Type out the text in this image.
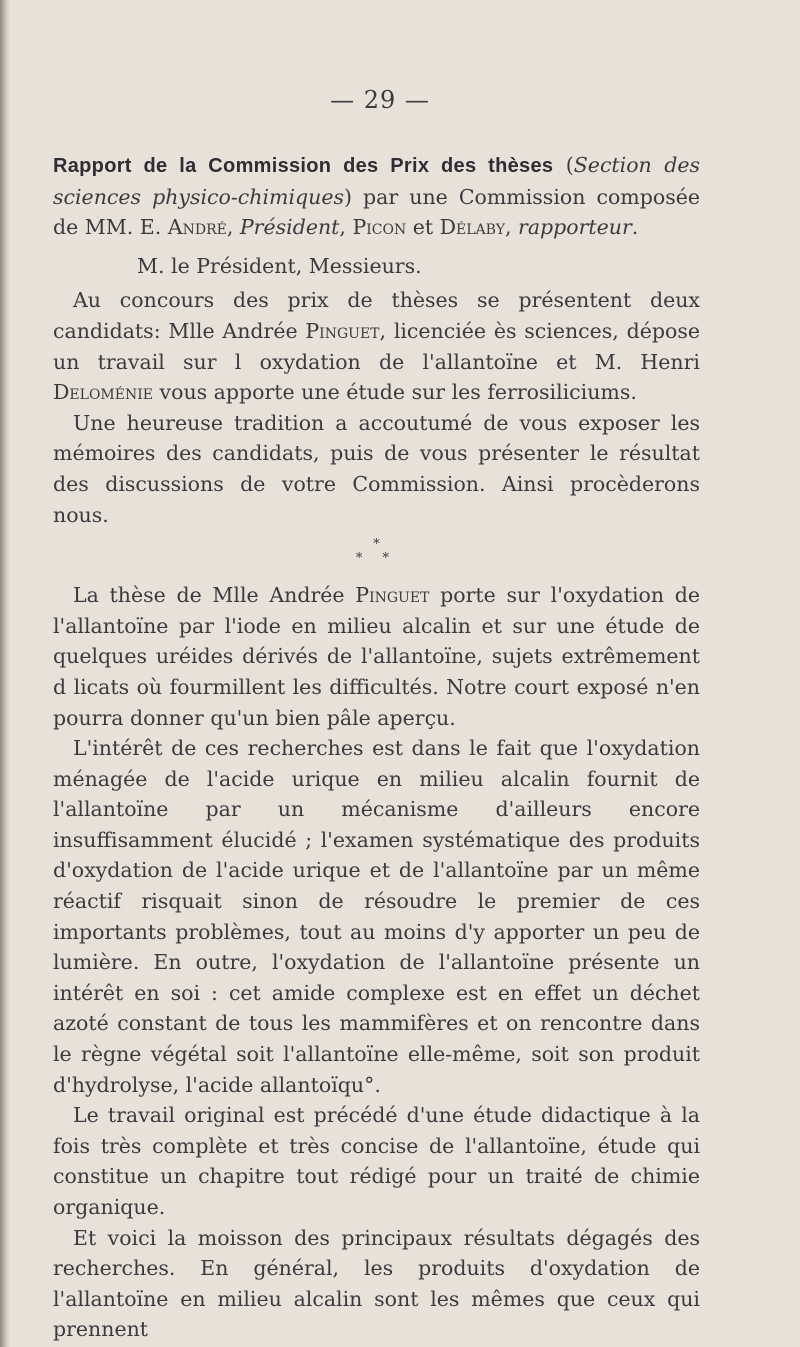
— 29 —

Rapport de la Commission des Prix des thèses (Section des sciences physico-chimiques) par une Commission composée de MM. E. André, Président, Picon et Délaby, rapporteur.

M. le Président, Messieurs.

Au concours des prix de thèses se présentent deux candidats: Mlle Andrée Pinguet, licenciée ès sciences, dépose un travail sur l oxydation de l'allantoïne et M. Henri Deloménie vous apporte une étude sur les ferrosiliciums.

Une heureuse tradition a accoutumé de vous exposer les mémoires des candidats, puis de vous présenter le résultat des discussions de votre Commission. Ainsi procèderons nous.

*
* *

La thèse de Mlle Andrée Pinguet porte sur l'oxydation de l'allantoïne par l'iode en milieu alcalin et sur une étude de quelques uréides dérivés de l'allantoïne, sujets extrêmement d licats où fourmillent les difficultés. Notre court exposé n'en pourra donner qu'un bien pâle aperçu.

L'intérêt de ces recherches est dans le fait que l'oxydation ménagée de l'acide urique en milieu alcalin fournit de l'allantoïne par un mécanisme d'ailleurs encore insuffisamment élucidé ; l'examen systématique des produits d'oxydation de l'acide urique et de l'allantoïne par un même réactif risquait sinon de résoudre le premier de ces importants problèmes, tout au moins d'y apporter un peu de lumière. En outre, l'oxydation de l'allantoïne présente un intérêt en soi : cet amide complexe est en effet un déchet azoté constant de tous les mammifères et on rencontre dans le règne végétal soit l'allantoïne elle-même, soit son produit d'hydrolyse, l'acide allantoïqu°.

Le travail original est précédé d'une étude didactique à la fois très complète et très concise de l'allantoïne, étude qui constitue un chapitre tout rédigé pour un traité de chimie organique.

Et voici la moisson des principaux résultats dégagés des recherches. En général, les produits d'oxydation de l'allantoïne en milieu alcalin sont les mêmes que ceux qui prennent
